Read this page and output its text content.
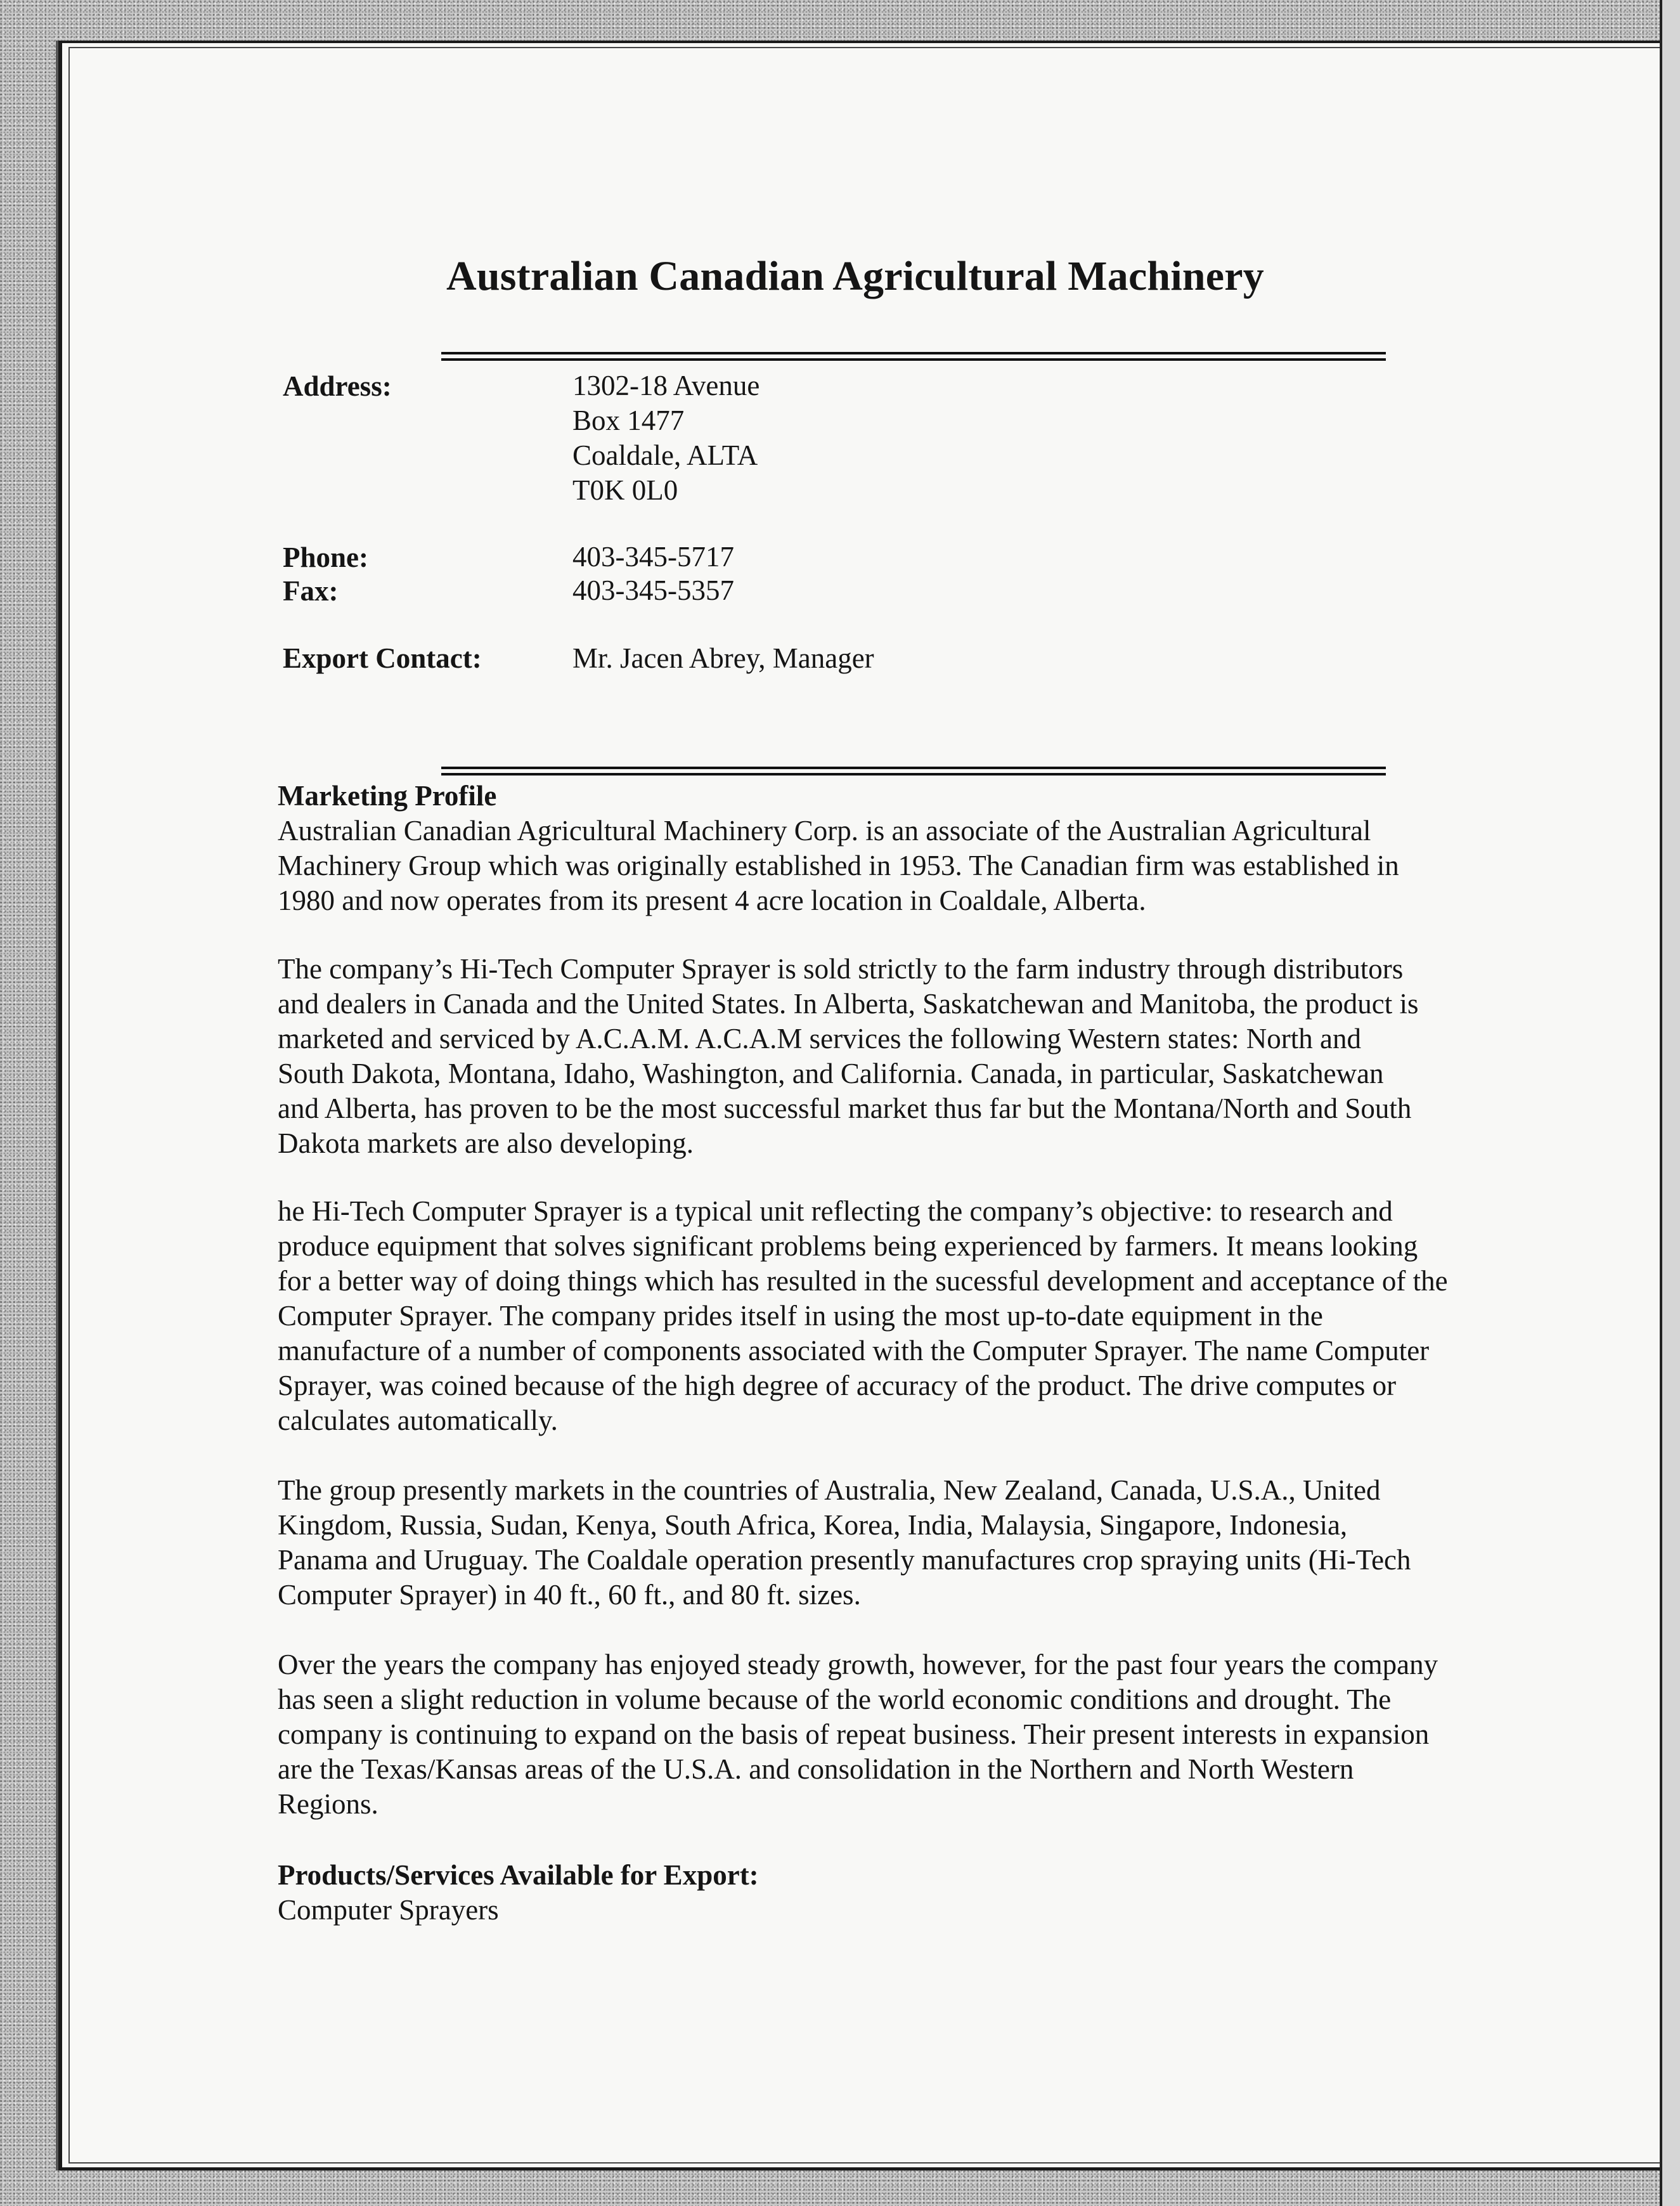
Australian Canadian Agricultural Machinery
Address:	1302-18 Avenue
Box 1477
Coaldale, ALTA
T0K 0L0
Phone:	403-345-5717
Fax:	403-345-5357
Export Contact:	Mr. Jacen Abrey, Manager
Marketing Profile
Australian Canadian Agricultural Machinery Corp. is an associate of the Australian Agricultural
Machinery Group which was originally established in 1953. The Canadian firm was established in
1980 and now operates from its present 4 acre location in Coaldale, Alberta.
The company’s Hi-Tech Computer Sprayer is sold strictly to the farm industry through distributors
and dealers in Canada and the United States. In Alberta, Saskatchewan and Manitoba, the product is
marketed and serviced by A.C.A.M. A.C.A.M services the following Western states: North and
South Dakota, Montana, Idaho, Washington, and California. Canada, in particular, Saskatchewan
and Alberta, has proven to be the most successful market thus far but the Montana/North and South
Dakota markets are also developing.
he Hi-Tech Computer Sprayer is a typical unit reflecting the company’s objective: to research and
produce equipment that solves significant problems being experienced by farmers. It means looking
for a better way of doing things which has resulted in the sucessful development and acceptance of the
Computer Sprayer. The company prides itself in using the most up-to-date equipment in the
manufacture of a number of components associated with the Computer Sprayer. The name Computer
Sprayer, was coined because of the high degree of accuracy of the product. The drive computes or
calculates automatically.
The group presently markets in the countries of Australia, New Zealand, Canada, U.S.A., United
Kingdom, Russia, Sudan, Kenya, South Africa, Korea, India, Malaysia, Singapore, Indonesia,
Panama and Uruguay. The Coaldale operation presently manufactures crop spraying units (Hi-Tech
Computer Sprayer) in 40 ft., 60 ft., and 80 ft. sizes.
Over the years the company has enjoyed steady growth, however, for the past four years the company
has seen a slight reduction in volume because of the world economic conditions and drought. The
company is continuing to expand on the basis of repeat business. Their present interests in expansion
are the Texas/Kansas areas of the U.S.A. and consolidation in the Northern and North Western
Regions.
Products/Services Available for Export:
Computer Sprayers
